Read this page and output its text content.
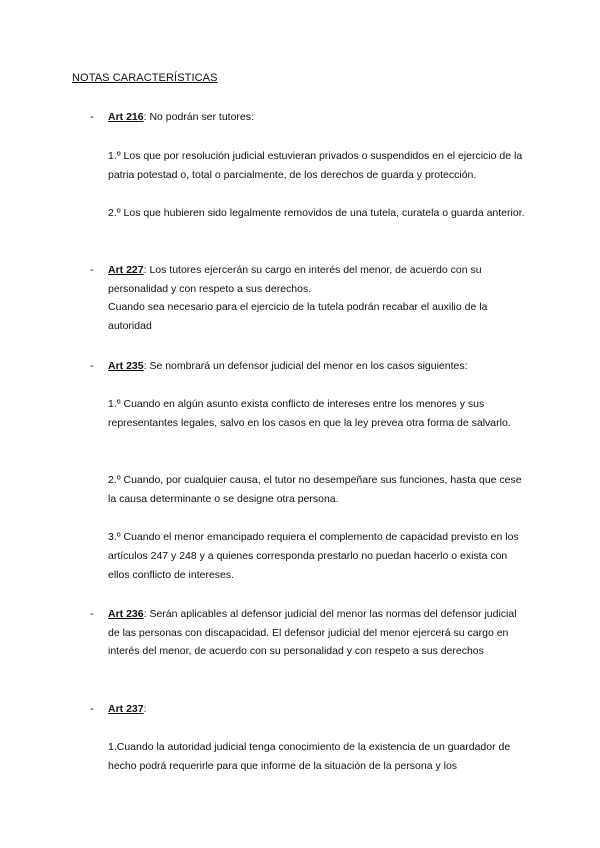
NOTAS CARACTERÍSTICAS
- Art 216: No podrán ser tutores:

1.º Los que por resolución judicial estuvieran privados o suspendidos en el ejercicio de la patria potestad o, total o parcialmente, de los derechos de guarda y protección.

2.º Los que hubieren sido legalmente removidos de una tutela, curatela o guarda anterior.

- Art 227: Los tutores ejercerán su cargo en interés del menor, de acuerdo con su personalidad y con respeto a sus derechos.

Cuando sea necesario para el ejercicio de la tutela podrán recabar el auxilio de la autoridad

- Art 235: Se nombrará un defensor judicial del menor en los casos siguientes:

1.º Cuando en algún asunto exista conflicto de intereses entre los menores y sus representantes legales, salvo en los casos en que la ley prevea otra forma de salvarlo.

2.º Cuando, por cualquier causa, el tutor no desempeñare sus funciones, hasta que cese la causa determinante o se designe otra persona.

3.º Cuando el menor emancipado requiera el complemento de capacidad previsto en los artículos 247 y 248 y a quienes corresponda prestarlo no puedan hacerlo o exista con ellos conflicto de intereses.

- Art 236: Serán aplicables al defensor judicial del menor las normas del defensor judicial de las personas con discapacidad. El defensor judicial del menor ejercerá su cargo en interés del menor, de acuerdo con su personalidad y con respeto a sus derechos

- Art 237:

1.Cuando la autoridad judicial tenga conocimiento de la existencia de un guardador de hecho podrá requerirle para que informe de la situación de la persona y los
